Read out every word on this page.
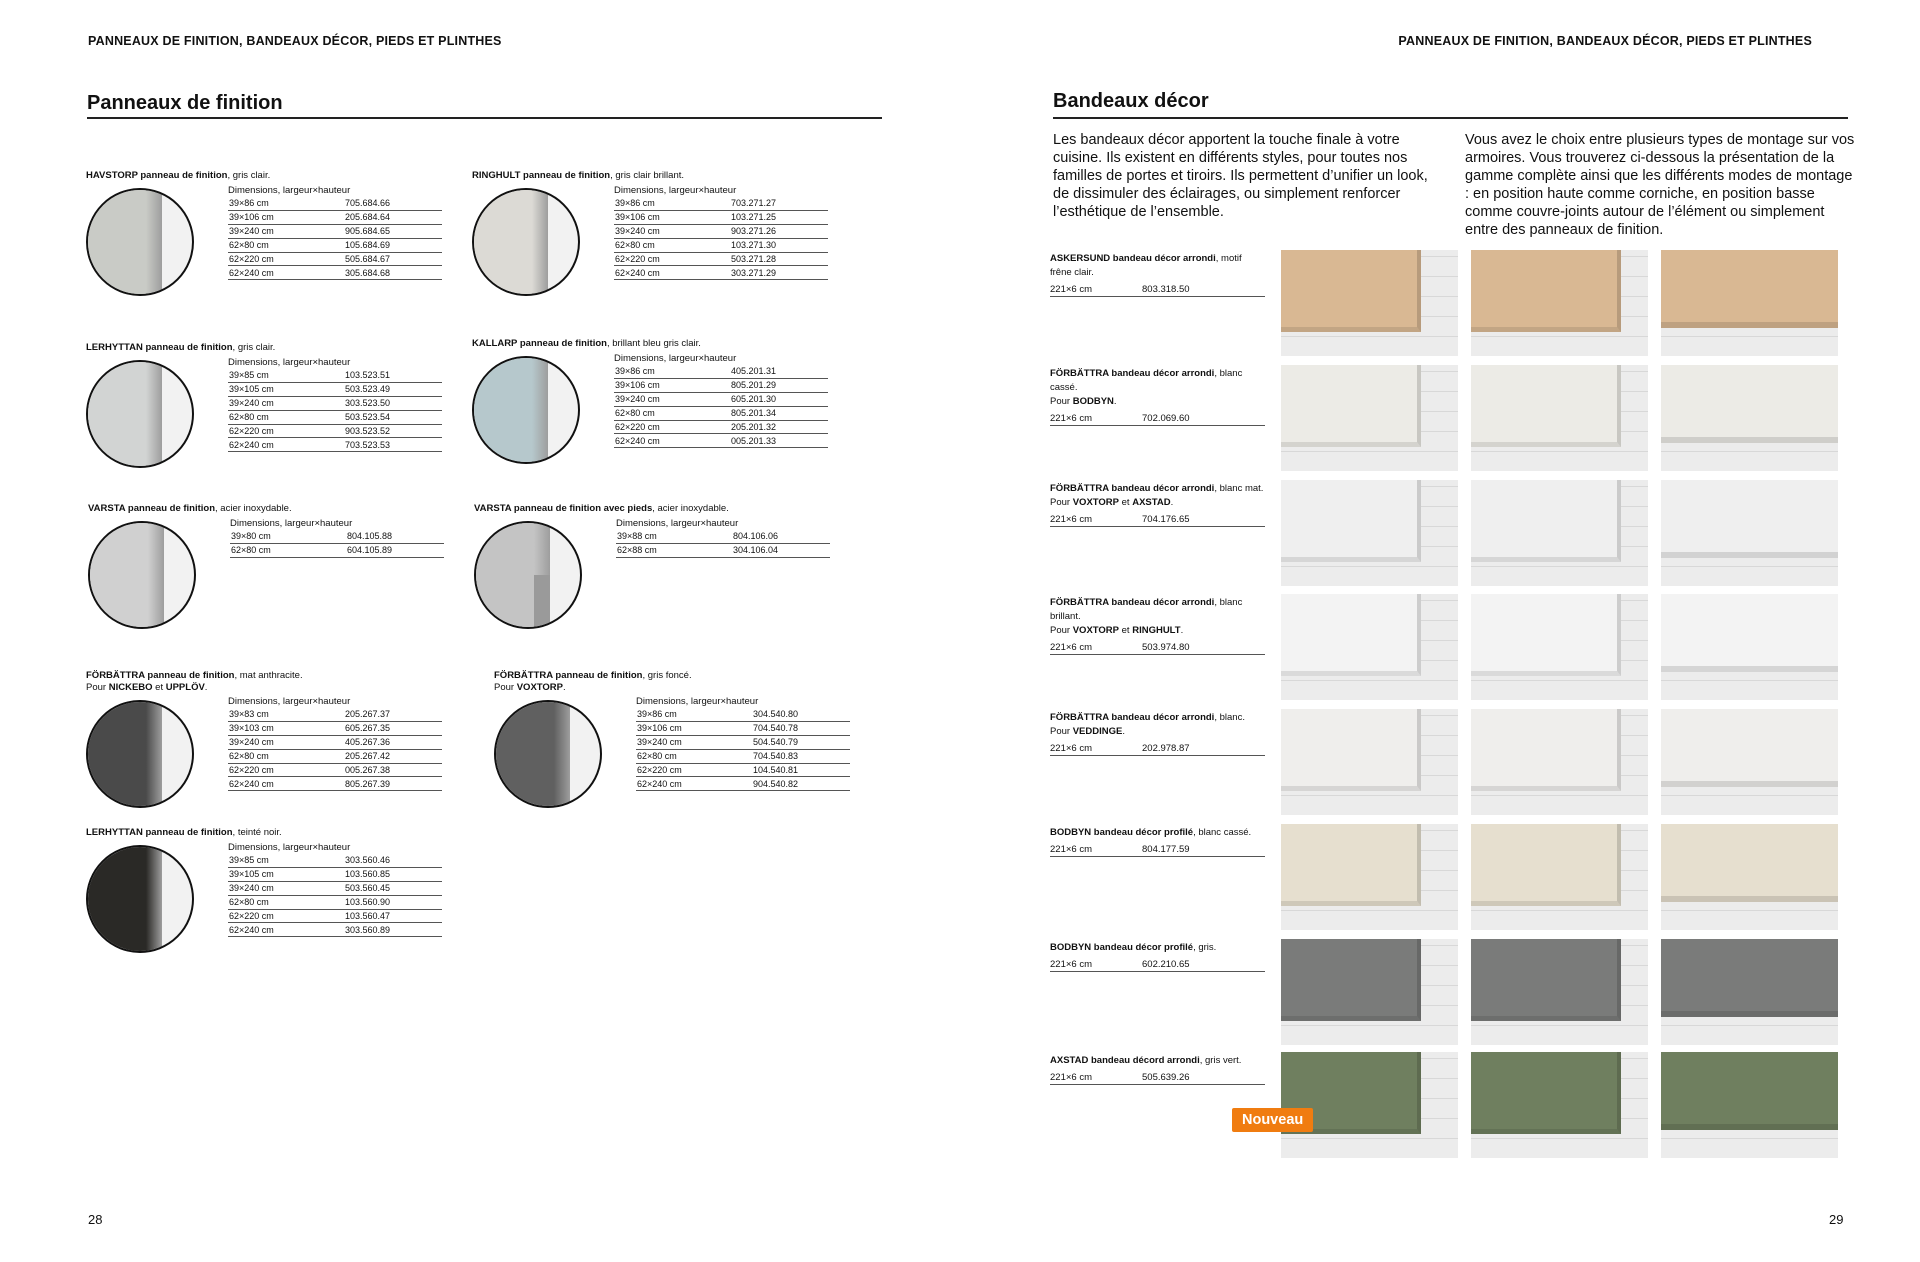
PANNEAUX DE FINITION, BANDEAUX DÉCOR, PIEDS ET PLINTHES
Panneaux de finition
HAVSTORP panneau de finition, gris clair.
Dimensions, largeur×hauteur
39×86 cm	705.684.66
39×106 cm	205.684.64
39×240 cm	905.684.65
62×80 cm	105.684.69
62×220 cm	505.684.67
62×240 cm	305.684.68
RINGHULT panneau de finition, gris clair brillant.
Dimensions, largeur×hauteur
39×86 cm	703.271.27
39×106 cm	103.271.25
39×240 cm	903.271.26
62×80 cm	103.271.30
62×220 cm	503.271.28
62×240 cm	303.271.29
LERHYTTAN panneau de finition, gris clair.
Dimensions, largeur×hauteur
39×85 cm	103.523.51
39×105 cm	503.523.49
39×240 cm	303.523.50
62×80 cm	503.523.54
62×220 cm	903.523.52
62×240 cm	703.523.53
KALLARP panneau de finition, brillant bleu gris clair.
Dimensions, largeur×hauteur
39×86 cm	405.201.31
39×106 cm	805.201.29
39×240 cm	605.201.30
62×80 cm	805.201.34
62×220 cm	205.201.32
62×240 cm	005.201.33
VARSTA panneau de finition, acier inoxydable.
Dimensions, largeur×hauteur
39×80 cm	804.105.88
62×80 cm	604.105.89
VARSTA panneau de finition avec pieds, acier inoxydable.
Dimensions, largeur×hauteur
39×88 cm	804.106.06
62×88 cm	304.106.04
FÖRBÄTTRA panneau de finition, mat anthracite.
Pour NICKEBO et UPPLÖV.
Dimensions, largeur×hauteur
39×83 cm	205.267.37
39×103 cm	605.267.35
39×240 cm	405.267.36
62×80 cm	205.267.42
62×220 cm	005.267.38
62×240 cm	805.267.39
FÖRBÄTTRA panneau de finition, gris foncé.
Pour VOXTORP.
Dimensions, largeur×hauteur
39×86 cm	304.540.80
39×106 cm	704.540.78
39×240 cm	504.540.79
62×80 cm	704.540.83
62×220 cm	104.540.81
62×240 cm	904.540.82
LERHYTTAN panneau de finition, teinté noir.
Dimensions, largeur×hauteur
39×85 cm	303.560.46
39×105 cm	103.560.85
39×240 cm	503.560.45
62×80 cm	103.560.90
62×220 cm	103.560.47
62×240 cm	303.560.89
28
PANNEAUX DE FINITION, BANDEAUX DÉCOR, PIEDS ET PLINTHES
Bandeaux décor
Les bandeaux décor apportent la touche finale à votre cuisine. Ils existent en différents styles, pour toutes nos familles de portes et tiroirs. Ils permettent d’unifier un look, de dissimuler des éclairages, ou simplement renforcer l’esthétique de l’ensemble.
Vous avez le choix entre plusieurs types de montage sur vos armoires. Vous trouverez ci-dessous la présentation de la gamme complète ainsi que les différents modes de montage : en position haute comme corniche, en position basse comme couvre-joints autour de l’élément ou simplement entre des panneaux de finition.
ASKERSUND bandeau décor arrondi, motif frêne clair.
221×6 cm	803.318.50
FÖRBÄTTRA bandeau décor arrondi, blanc cassé.
Pour BODBYN.
221×6 cm	702.069.60
FÖRBÄTTRA bandeau décor arrondi, blanc mat.
Pour VOXTORP et AXSTAD.
221×6 cm	704.176.65
FÖRBÄTTRA bandeau décor arrondi, blanc brillant.
Pour VOXTORP et RINGHULT.
221×6 cm	503.974.80
FÖRBÄTTRA bandeau décor arrondi, blanc.
Pour VEDDINGE.
221×6 cm	202.978.87
BODBYN bandeau décor profilé, blanc cassé.
221×6 cm	804.177.59
BODBYN bandeau décor profilé, gris.
221×6 cm	602.210.65
AXSTAD bandeau décord arrondi, gris vert.
221×6 cm	505.639.26
Nouveau
29
